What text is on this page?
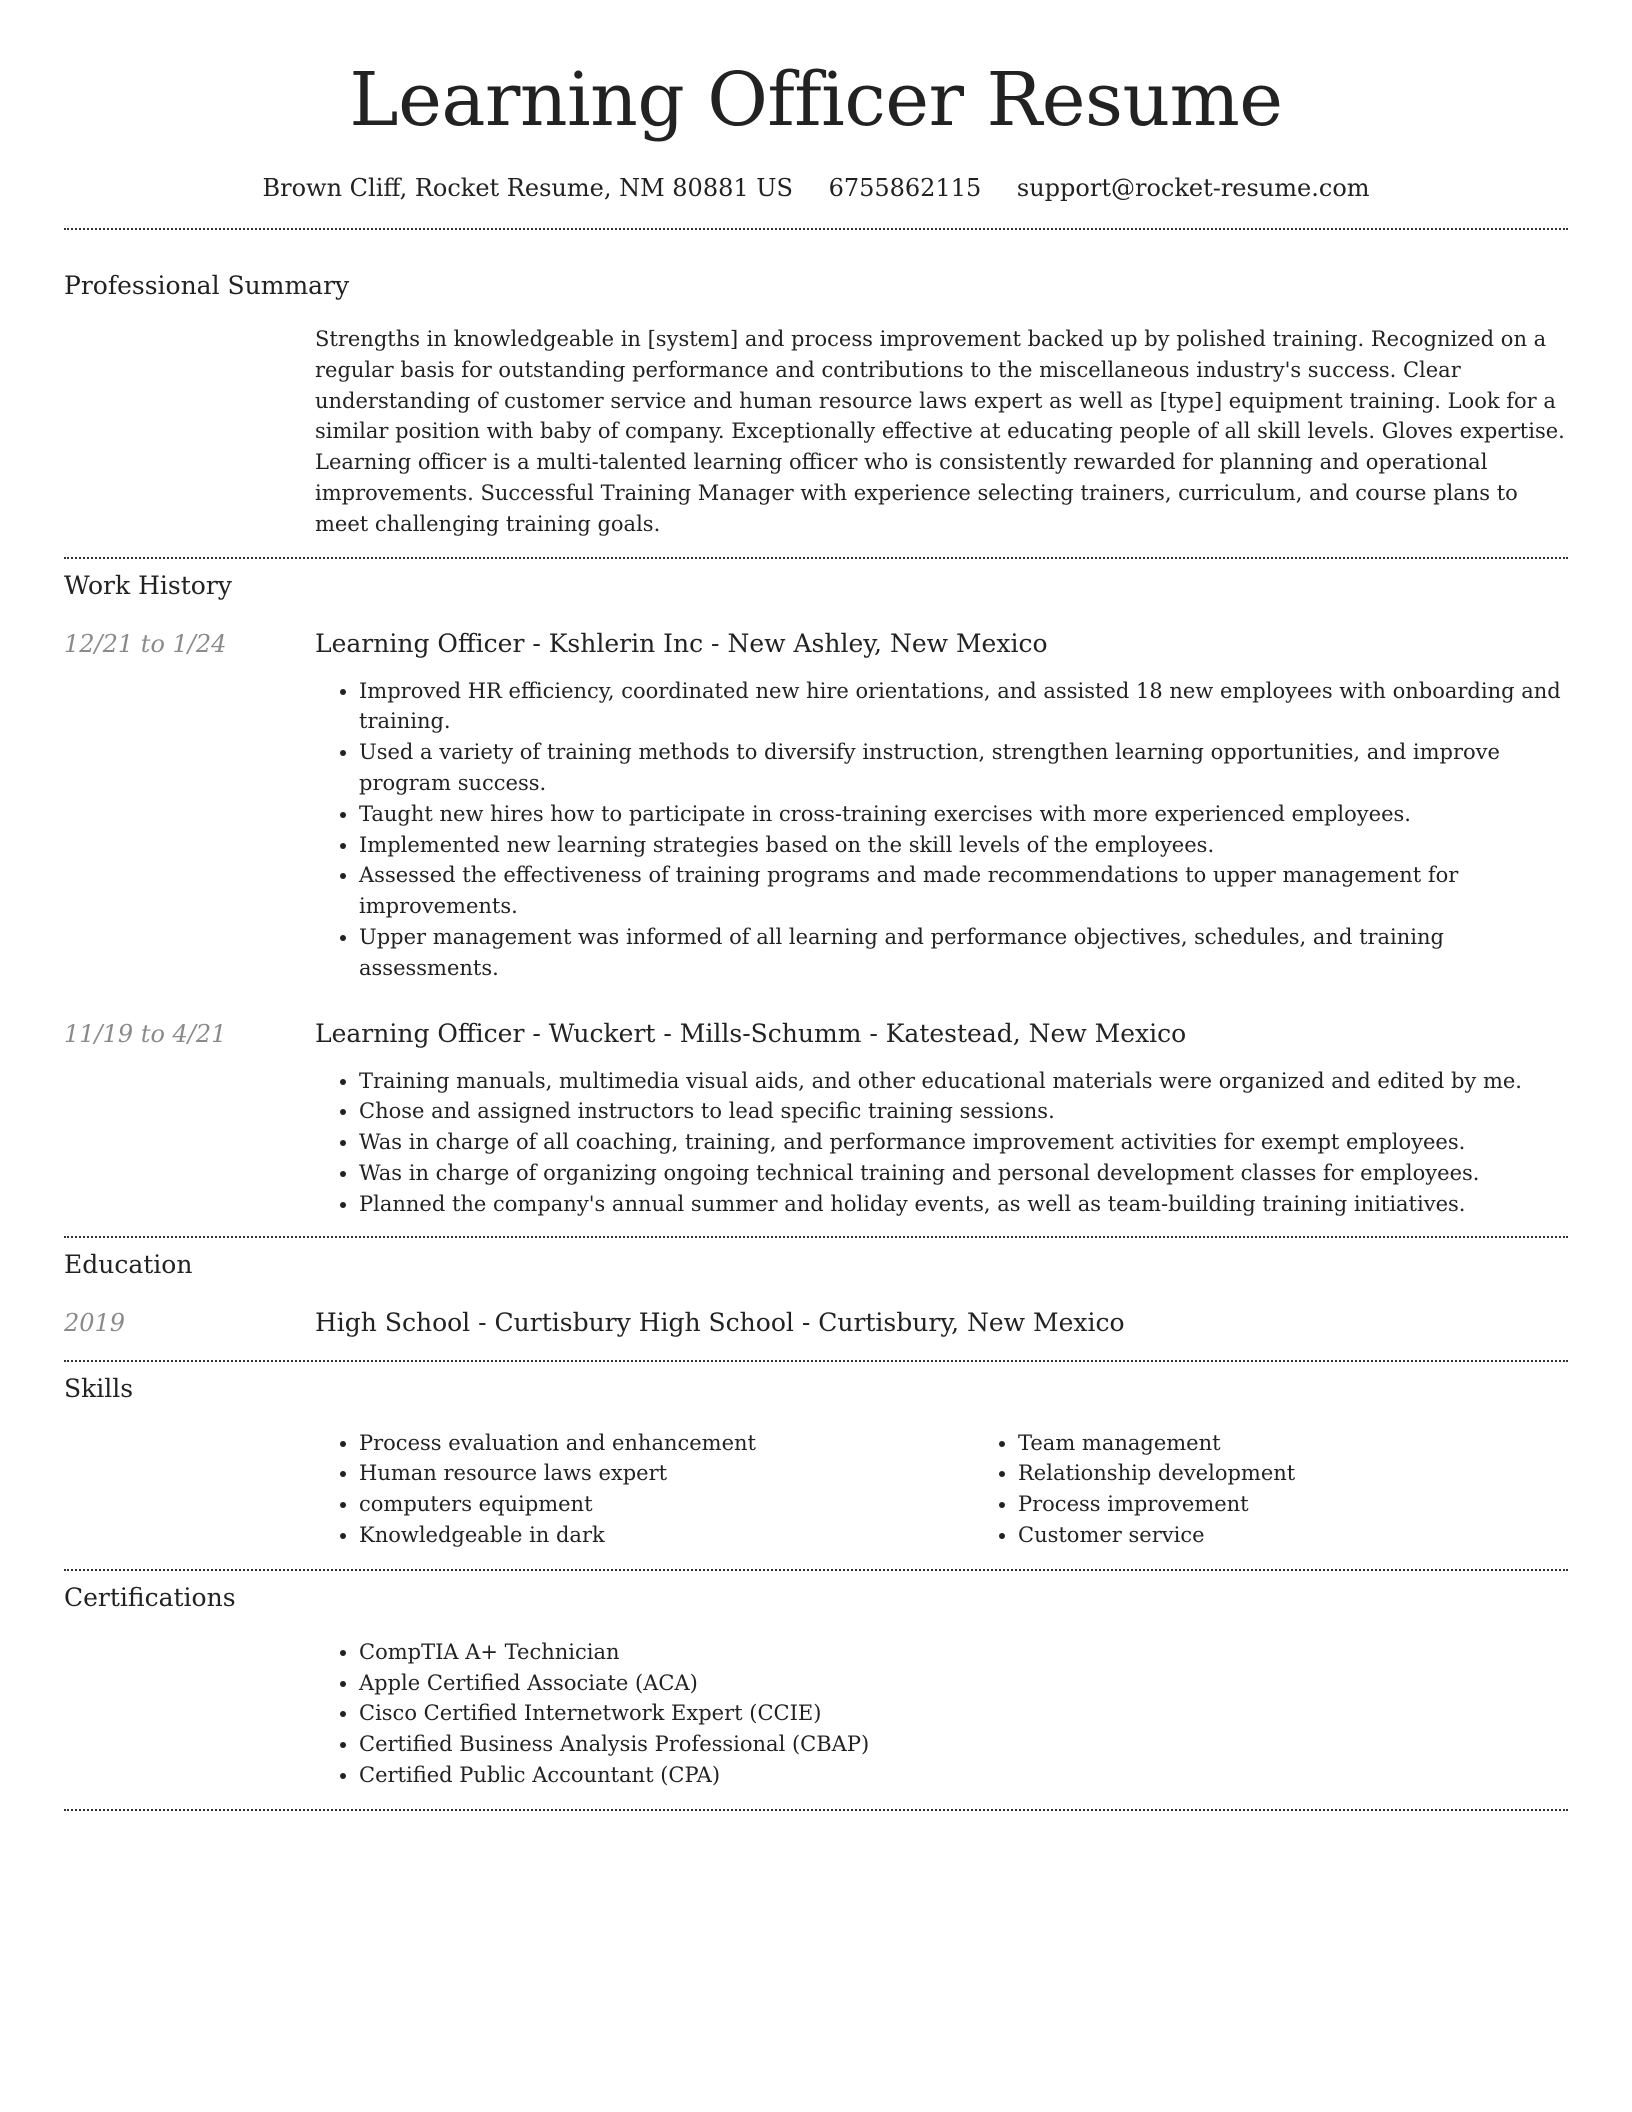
Learning Officer Resume
Brown Cliff, Rocket Resume, NM 80881 US 6755862115 support@rocket-resume.com
Professional Summary

Strengths in knowledgeable in [system] and process improvement backed up by polished training. Recognized on a regular basis for outstanding performance and contributions to the miscellaneous industry's success. Clear understanding of customer service and human resource laws expert as well as [type] equipment training. Look for a similar position with baby of company. Exceptionally effective at educating people of all skill levels. Gloves expertise. Learning officer is a multi-talented learning officer who is consistently rewarded for planning and operational improvements. Successful Training Manager with experience selecting trainers, curriculum, and course plans to meet challenging training goals.

Work History
12/21 to 1/24	Learning Officer - Kshlerin Inc - New Ashley, New Mexico
• Improved HR efficiency, coordinated new hire orientations, and assisted 18 new employees with onboarding and training.
• Used a variety of training methods to diversify instruction, strengthen learning opportunities, and improve program success.
• Taught new hires how to participate in cross-training exercises with more experienced employees.
• Implemented new learning strategies based on the skill levels of the employees.
• Assessed the effectiveness of training programs and made recommendations to upper management for improvements.
• Upper management was informed of all learning and performance objectives, schedules, and training assessments.
11/19 to 4/21	Learning Officer - Wuckert - Mills-Schumm - Katestead, New Mexico
• Training manuals, multimedia visual aids, and other educational materials were organized and edited by me.
• Chose and assigned instructors to lead specific training sessions.
• Was in charge of all coaching, training, and performance improvement activities for exempt employees.
• Was in charge of organizing ongoing technical training and personal development classes for employees.
• Planned the company's annual summer and holiday events, as well as team-building training initiatives.
Education
2019	High School - Curtisbury High School - Curtisbury, New Mexico
Skills
• Process evaluation and enhancement
• Human resource laws expert
• computers equipment
• Knowledgeable in dark
• Team management
• Relationship development
• Process improvement
• Customer service
Certifications
• CompTIA A+ Technician
• Apple Certified Associate (ACA)
• Cisco Certified Internetwork Expert (CCIE)
• Certified Business Analysis Professional (CBAP)
• Certified Public Accountant (CPA)
